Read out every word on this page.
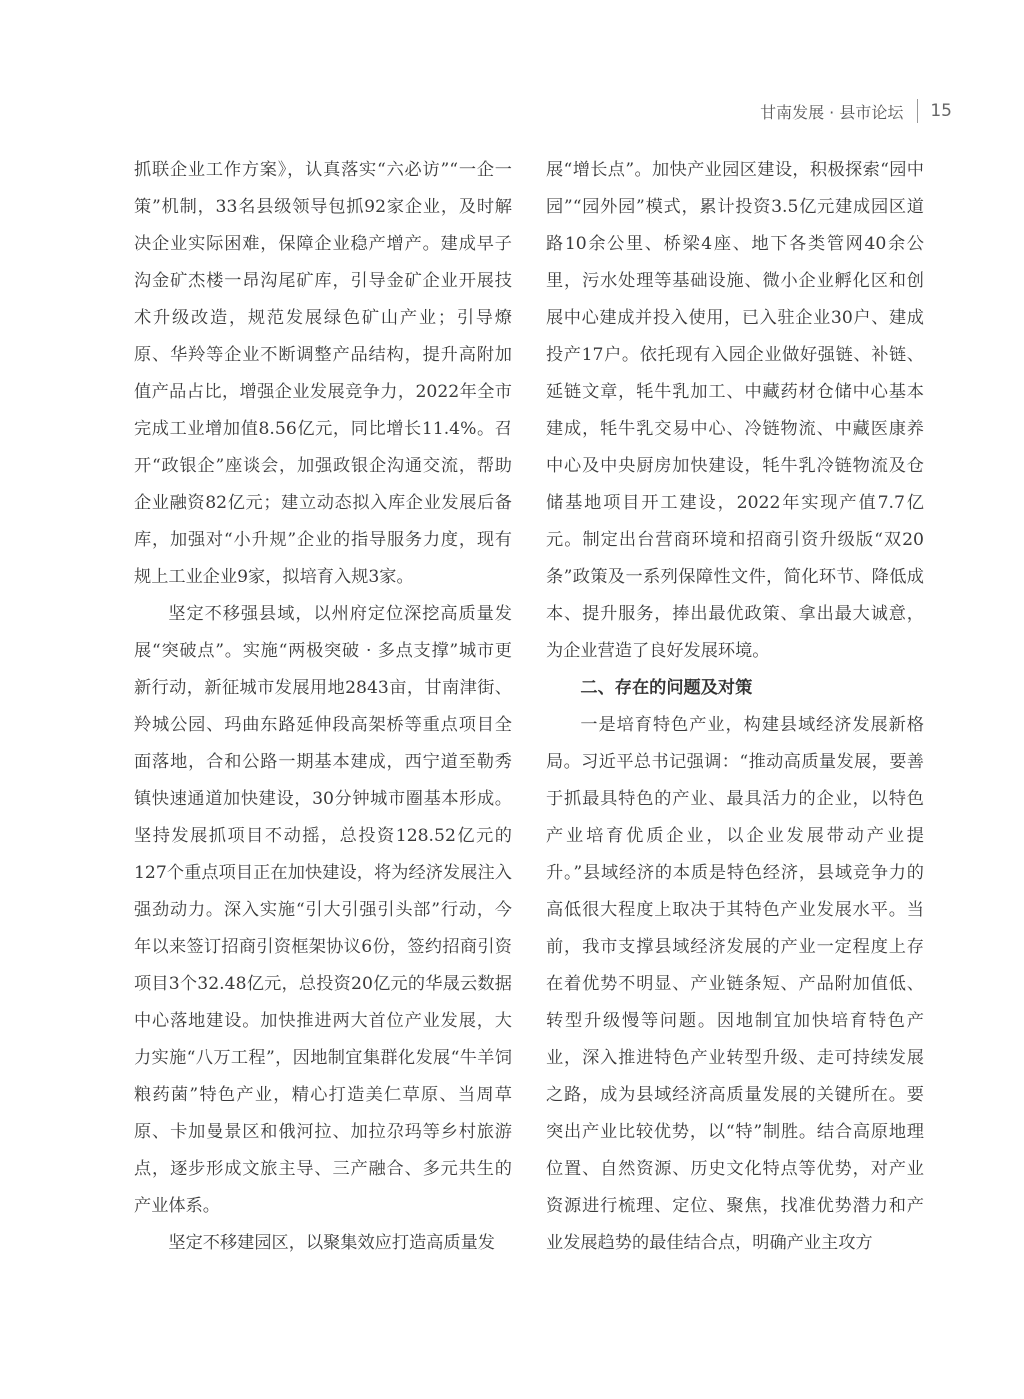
甘南发展 · 县市论坛 15

抓联企业工作方案》，认真落实“六必访”“一企一策”机制，33名县级领导包抓92家企业，及时解决企业实际困难，保障企业稳产增产。建成早子沟金矿杰楼一昂沟尾矿库，引导金矿企业开展技术升级改造，规范发展绿色矿山产业；引导燎原、华羚等企业不断调整产品结构，提升高附加值产品占比，增强企业发展竞争力，2022年全市完成工业增加值8.56亿元，同比增长11.4%。召开“政银企”座谈会，加强政银企沟通交流，帮助企业融资82亿元；建立动态拟入库企业发展后备库，加强对“小升规”企业的指导服务力度，现有规上工业企业9家，拟培育入规3家。

坚定不移强县域，以州府定位深挖高质量发展“突破点”。实施“两极突破 · 多点支撑”城市更新行动，新征城市发展用地2843亩，甘南津街、羚城公园、玛曲东路延伸段高架桥等重点项目全面落地，合和公路一期基本建成，西宁道至勒秀镇快速通道加快建设，30分钟城市圈基本形成。坚持发展抓项目不动摇，总投资128.52亿元的127个重点项目正在加快建设，将为经济发展注入强劲动力。深入实施“引大引强引头部”行动，今年以来签订招商引资框架协议6份，签约招商引资项目3个32.48亿元，总投资20亿元的华晟云数据中心落地建设。加快推进两大首位产业发展，大力实施“八万工程”，因地制宜集群化发展“牛羊饲粮药菌”特色产业，精心打造美仁草原、当周草原、卡加曼景区和俄河拉、加拉尕玛等乡村旅游点，逐步形成文旅主导、三产融合、多元共生的产业体系。

坚定不移建园区，以聚集效应打造高质量发

展“增长点”。加快产业园区建设，积极探索“园中园”“园外园”模式，累计投资3.5亿元建成园区道路10余公里、桥梁4座、地下各类管网40余公里，污水处理等基础设施、微小企业孵化区和创展中心建成并投入使用，已入驻企业30户、建成投产17户。依托现有入园企业做好强链、补链、延链文章，牦牛乳加工、中藏药材仓储中心基本建成，牦牛乳交易中心、冷链物流、中藏医康养中心及中央厨房加快建设，牦牛乳冷链物流及仓储基地项目开工建设，2022年实现产值7.7亿元。制定出台营商环境和招商引资升级版“双20条”政策及一系列保障性文件，简化环节、降低成本、提升服务，捧出最优政策、拿出最大诚意，为企业营造了良好发展环境。

二、存在的问题及对策

一是培育特色产业，构建县域经济发展新格局。习近平总书记强调：“推动高质量发展，要善于抓最具特色的产业、最具活力的企业，以特色产业培育优质企业，以企业发展带动产业提升。”县域经济的本质是特色经济，县域竞争力的高低很大程度上取决于其特色产业发展水平。当前，我市支撑县域经济发展的产业一定程度上存在着优势不明显、产业链条短、产品附加值低、转型升级慢等问题。因地制宜加快培育特色产业，深入推进特色产业转型升级、走可持续发展之路，成为县域经济高质量发展的关键所在。要突出产业比较优势，以“特”制胜。结合高原地理位置、自然资源、历史文化特点等优势，对产业资源进行梳理、定位、聚焦，找准优势潜力和产业发展趋势的最佳结合点，明确产业主攻方
